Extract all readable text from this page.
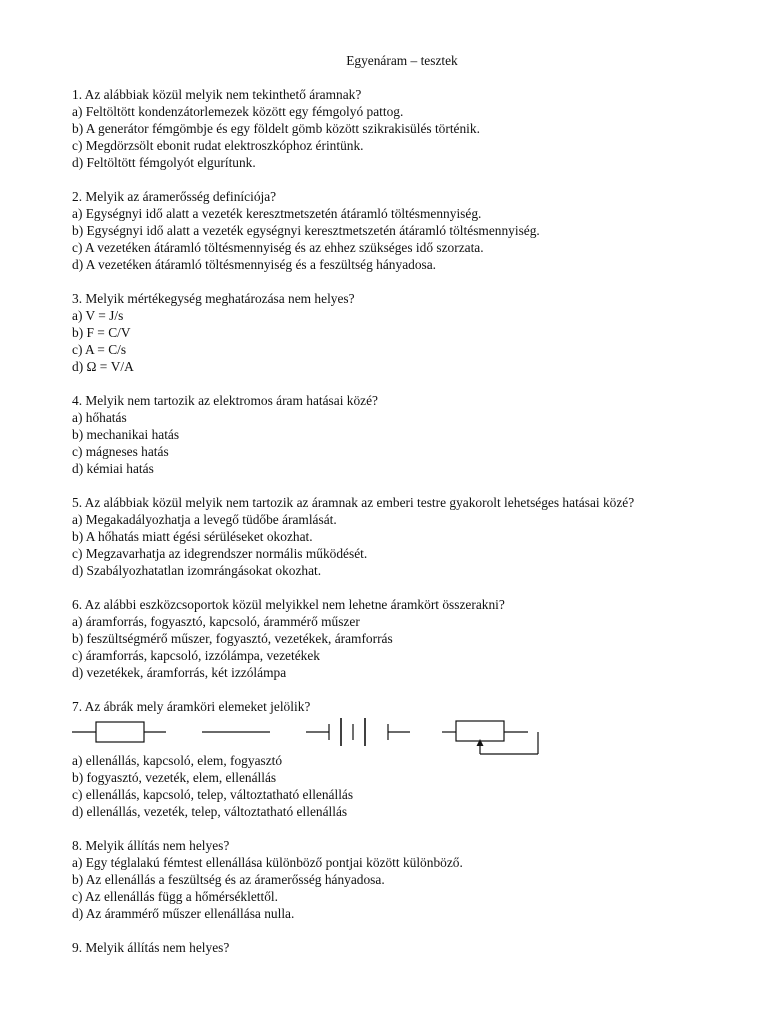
Egyenáram – tesztek
1. Az alábbiak közül melyik nem tekinthető áramnak?
a) Feltöltött kondenzátorlemezek között egy fémgolyó pattog.
b) A generátor fémgömbje és egy földelt gömb között szikrakisülés történik.
c) Megdörzsölt ebonit rudat elektroszkóphoz érintünk.
d) Feltöltött fémgolyót elgurítunk.
2. Melyik az áramerősség definíciója?
a) Egységnyi idő alatt a vezeték keresztmetszetén átáramló töltésmennyiség.
b) Egységnyi idő alatt a vezeték egységnyi keresztmetszetén átáramló töltésmennyiség.
c) A vezetéken átáramló töltésmennyiség és az ehhez szükséges idő szorzata.
d) A vezetéken átáramló töltésmennyiség és a feszültség hányadosa.
3. Melyik mértékegység meghatározása nem helyes?
a) V = J/s
b) F = C/V
c) A = C/s
d) Ω = V/A
4. Melyik nem tartozik az elektromos áram hatásai közé?
a) hőhatás
b) mechanikai hatás
c) mágneses hatás
d) kémiai hatás
5. Az alábbiak közül melyik nem tartozik az áramnak az emberi testre gyakorolt lehetséges hatásai közé?
a) Megakadályozhatja a levegő tüdőbe áramlását.
b) A hőhatás miatt égési sérüléseket okozhat.
c) Megzavarhatja az idegrendszer normális működését.
d) Szabályozhatatlan izomrángásokat okozhat.
6. Az alábbi eszközcsoportok közül melyikkel nem lehetne áramkört összerakni?
a) áramforrás, fogyasztó, kapcsoló, árammérő műszer
b) feszültségmérő műszer, fogyasztó, vezetékek, áramforrás
c) áramforrás, kapcsoló, izzólámpa, vezetékek
d) vezetékek, áramforrás, két izzólámpa
7. Az ábrák mely áramköri elemeket jelölik?
a) ellenállás, kapcsoló, elem, fogyasztó
b) fogyasztó, vezeték, elem, ellenállás
c) ellenállás, kapcsoló, telep, változtatható ellenállás
d) ellenállás, vezeték, telep, változtatható ellenállás
8. Melyik állítás nem helyes?
a) Egy téglalakú fémtest ellenállása különböző pontjai között különböző.
b) Az ellenállás a feszültség és az áramerősség hányadosa.
c) Az ellenállás függ a hőmérséklettől.
d) Az árammérő műszer ellenállása nulla.
9. Melyik állítás nem helyes?
